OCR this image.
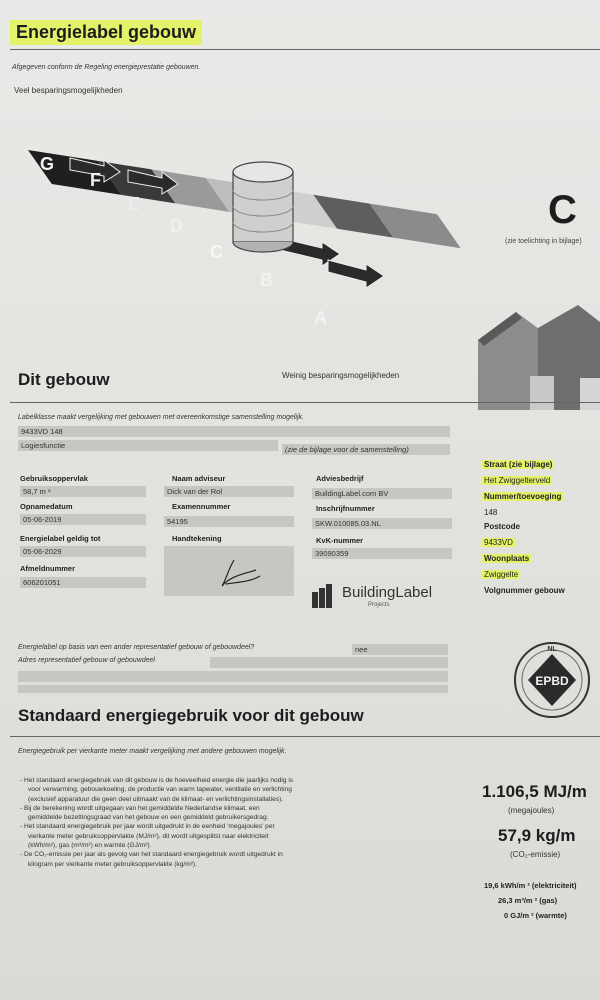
Energielabel gebouw
Afgegeven conform de Regeling energieprestatie gebouwen.
Veel besparingsmogelijkheden
G
F
E
D
C
B
A
C
(zie toelichting in bijlage)
Weinig besparingsmogelijkheden
Dit gebouw
Labelklasse maakt vergelijking met gebouwen met overeenkomstige samenstelling mogelijk.
9433VD 148
Logiesfunctie	(zie de bijlage voor de samenstelling)
Gebruiksoppervlak
58,7 m ²
Opnamedatum
05-06-2019
Energielabel geldig tot
05-06-2029
Afmeldnummer
606201051
Naam adviseur
Dick van der Rol
Examennummer
54195
Handtekening
Adviesbedrijf
BuildingLabel.com BV
Inschrijfnummer
SKW.010085.03.NL
KvK-nummer
39090359
BuildingLabel
Projects
Straat (zie bijlage)
Het Zwiggelterveld
Nummer/toevoeging
148
Postcode
9433VD
Woonplaats
Zwiggelte
Volgnummer gebouw
Energielabel op basis van een ander representatief gebouw of gebouwdeel?	nee
Adres representatief gebouw of gebouwdeel
EPBD
NL
Standaard energiegebruik voor dit gebouw
Energiegebruik per vierkante meter maakt vergelijking met andere gebouwen mogelijk.
- Het standaard energiegebruik van dit gebouw is de hoeveelheid energie die jaarlijks nodig is
voor verwarming, gebouwkoeling, de productie van warm tapwater, ventilatie en verlichting
(exclusief apparatuur die geen deel uitmaakt van de klimaat- en verlichtingsinstallaties).
- Bij de berekening wordt uitgegaan van het gemiddelde Nederlandse klimaat, een
gemiddelde bezettingsgraad van het gebouw en een gemiddeld gebruikersgedrag.
- Het standaard energiegebruik per jaar wordt uitgedrukt in de eenheid 'megajoules' per
vierkante meter gebruiksoppervlakte (MJ/m²), dit wordt uitgesplitst naar elektriciteit
(kWh/m²), gas (m³/m²) en warmte (GJ/m²).
- De CO₂-emissie per jaar als gevolg van het standaard energiegebruik wordt uitgedrukt in
kilogram per vierkante meter gebruiksoppervlakte (kg/m²).
1.106,5 MJ/m
(megajoules)
57,9 kg/m
(CO₂-emissie)
19,6 kWh/m ² (elektriciteit)
26,3 m³/m ² (gas)
0 GJ/m ² (warmte)
